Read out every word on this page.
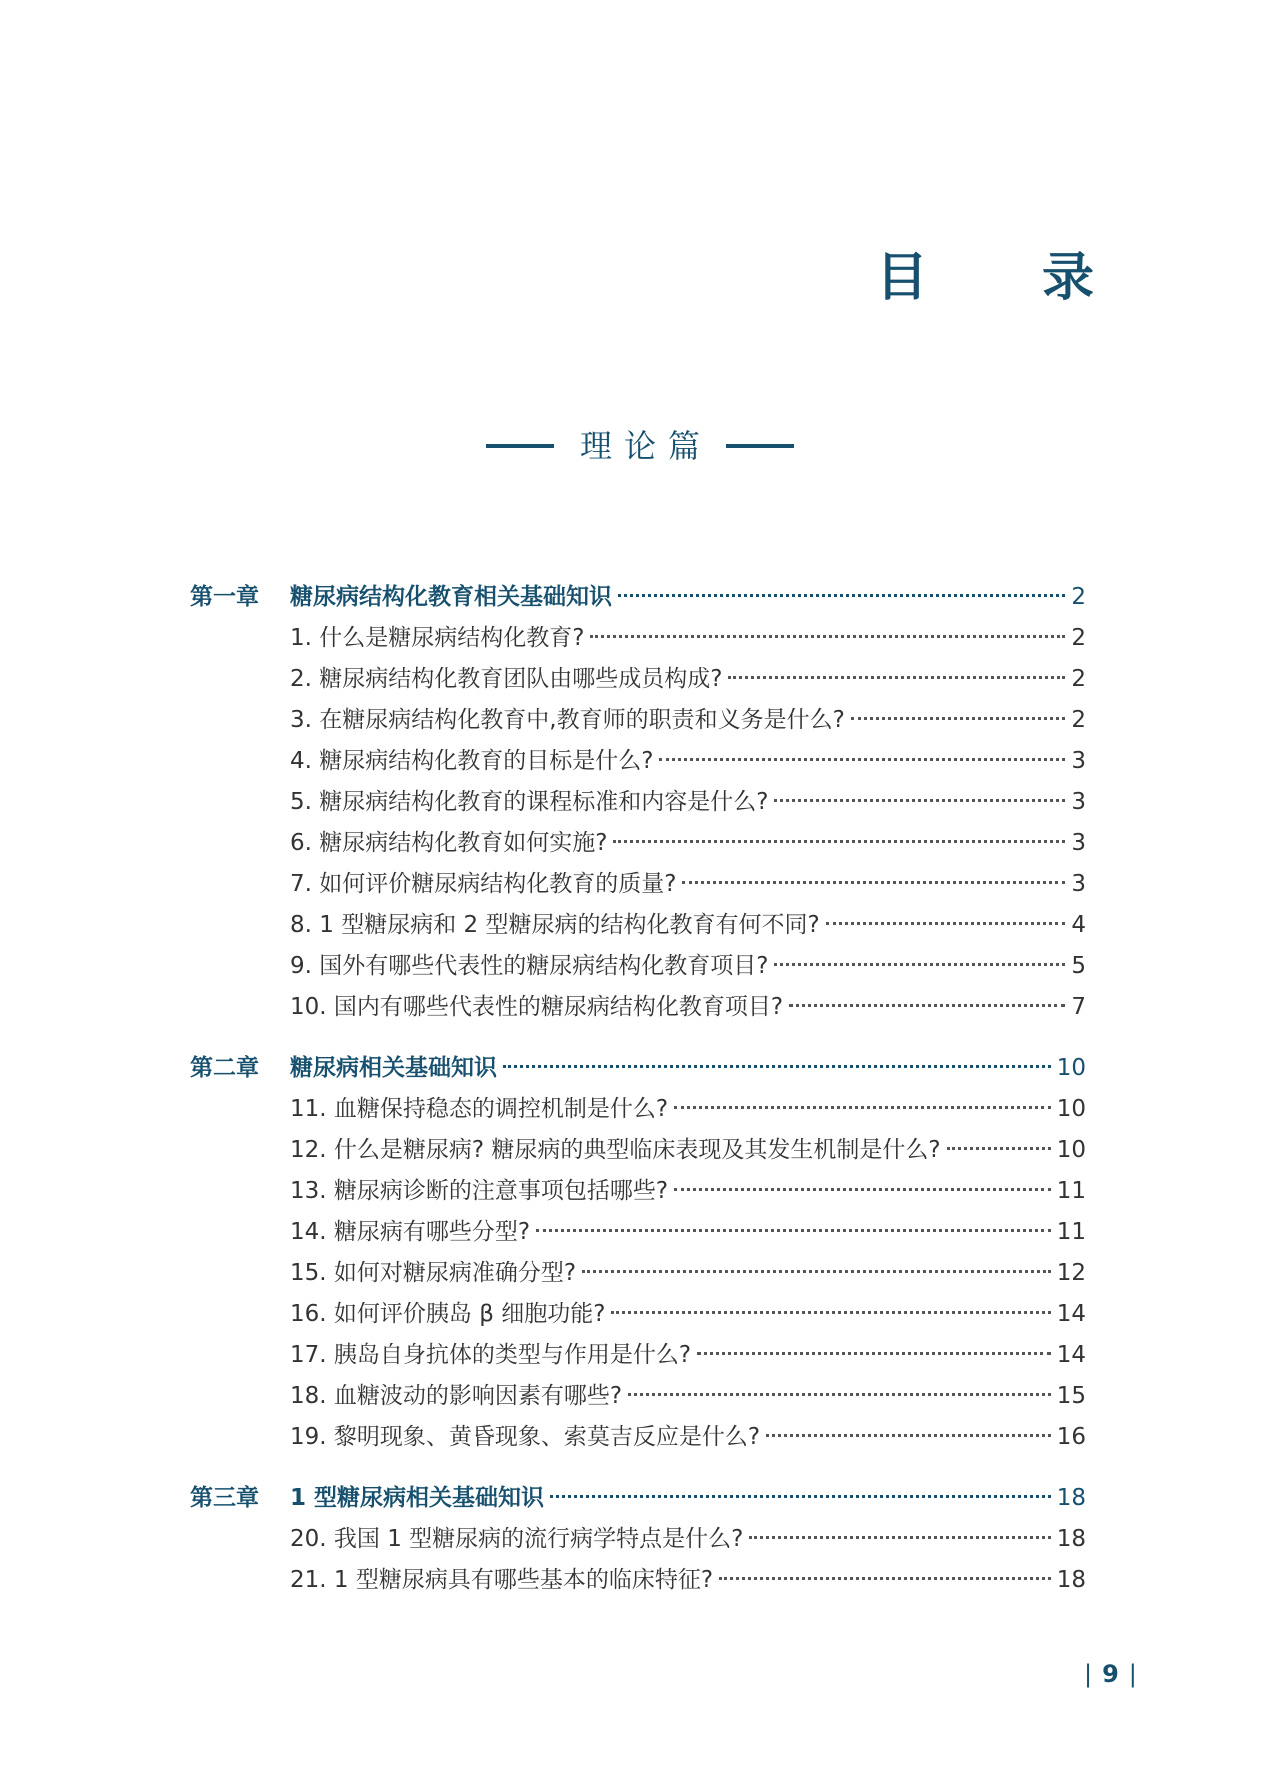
目 录
理论篇
第一章	糖尿病结构化教育相关基础知识	2
1. 什么是糖尿病结构化教育?	2
2. 糖尿病结构化教育团队由哪些成员构成?	2
3. 在糖尿病结构化教育中,教育师的职责和义务是什么?	2
4. 糖尿病结构化教育的目标是什么?	3
5. 糖尿病结构化教育的课程标准和内容是什么?	3
6. 糖尿病结构化教育如何实施?	3
7. 如何评价糖尿病结构化教育的质量?	3
8. 1 型糖尿病和 2 型糖尿病的结构化教育有何不同?	4
9. 国外有哪些代表性的糖尿病结构化教育项目?	5
10. 国内有哪些代表性的糖尿病结构化教育项目?	7
第二章	糖尿病相关基础知识	10
11. 血糖保持稳态的调控机制是什么?	10
12. 什么是糖尿病? 糖尿病的典型临床表现及其发生机制是什么?	10
13. 糖尿病诊断的注意事项包括哪些?	11
14. 糖尿病有哪些分型?	11
15. 如何对糖尿病准确分型?	12
16. 如何评价胰岛 β 细胞功能?	14
17. 胰岛自身抗体的类型与作用是什么?	14
18. 血糖波动的影响因素有哪些?	15
19. 黎明现象、黄昏现象、索莫吉反应是什么?	16
第三章	1 型糖尿病相关基础知识	18
20. 我国 1 型糖尿病的流行病学特点是什么?	18
21. 1 型糖尿病具有哪些基本的临床特征?	18
|9|
